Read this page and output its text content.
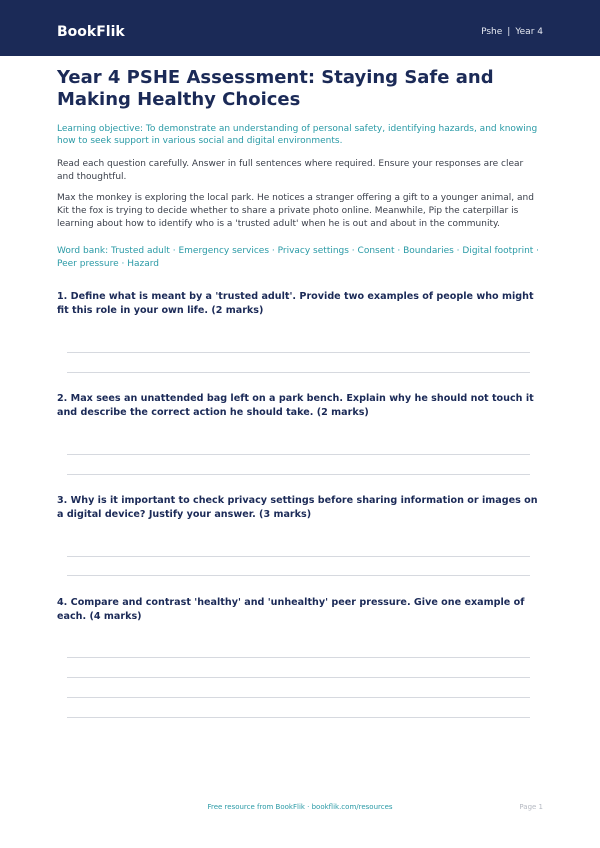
BookFlik	Pshe | Year 4
Year 4 PSHE Assessment: Staying Safe and Making Healthy Choices
Learning objective: To demonstrate an understanding of personal safety, identifying hazards, and knowing how to seek support in various social and digital environments.
Read each question carefully. Answer in full sentences where required. Ensure your responses are clear and thoughtful.
Max the monkey is exploring the local park. He notices a stranger offering a gift to a younger animal, and Kit the fox is trying to decide whether to share a private photo online. Meanwhile, Pip the caterpillar is learning about how to identify who is a 'trusted adult' when he is out and about in the community.
Word bank: Trusted adult · Emergency services · Privacy settings · Consent · Boundaries · Digital footprint · Peer pressure · Hazard

1. Define what is meant by a 'trusted adult'. Provide two examples of people who might fit this role in your own life. (2 marks)

2. Max sees an unattended bag left on a park bench. Explain why he should not touch it and describe the correct action he should take. (2 marks)

3. Why is it important to check privacy settings before sharing information or images on a digital device? Justify your answer. (3 marks)

4. Compare and contrast 'healthy' and 'unhealthy' peer pressure. Give one example of each. (4 marks)

Free resource from BookFlik · bookflik.com/resources	Page 1
